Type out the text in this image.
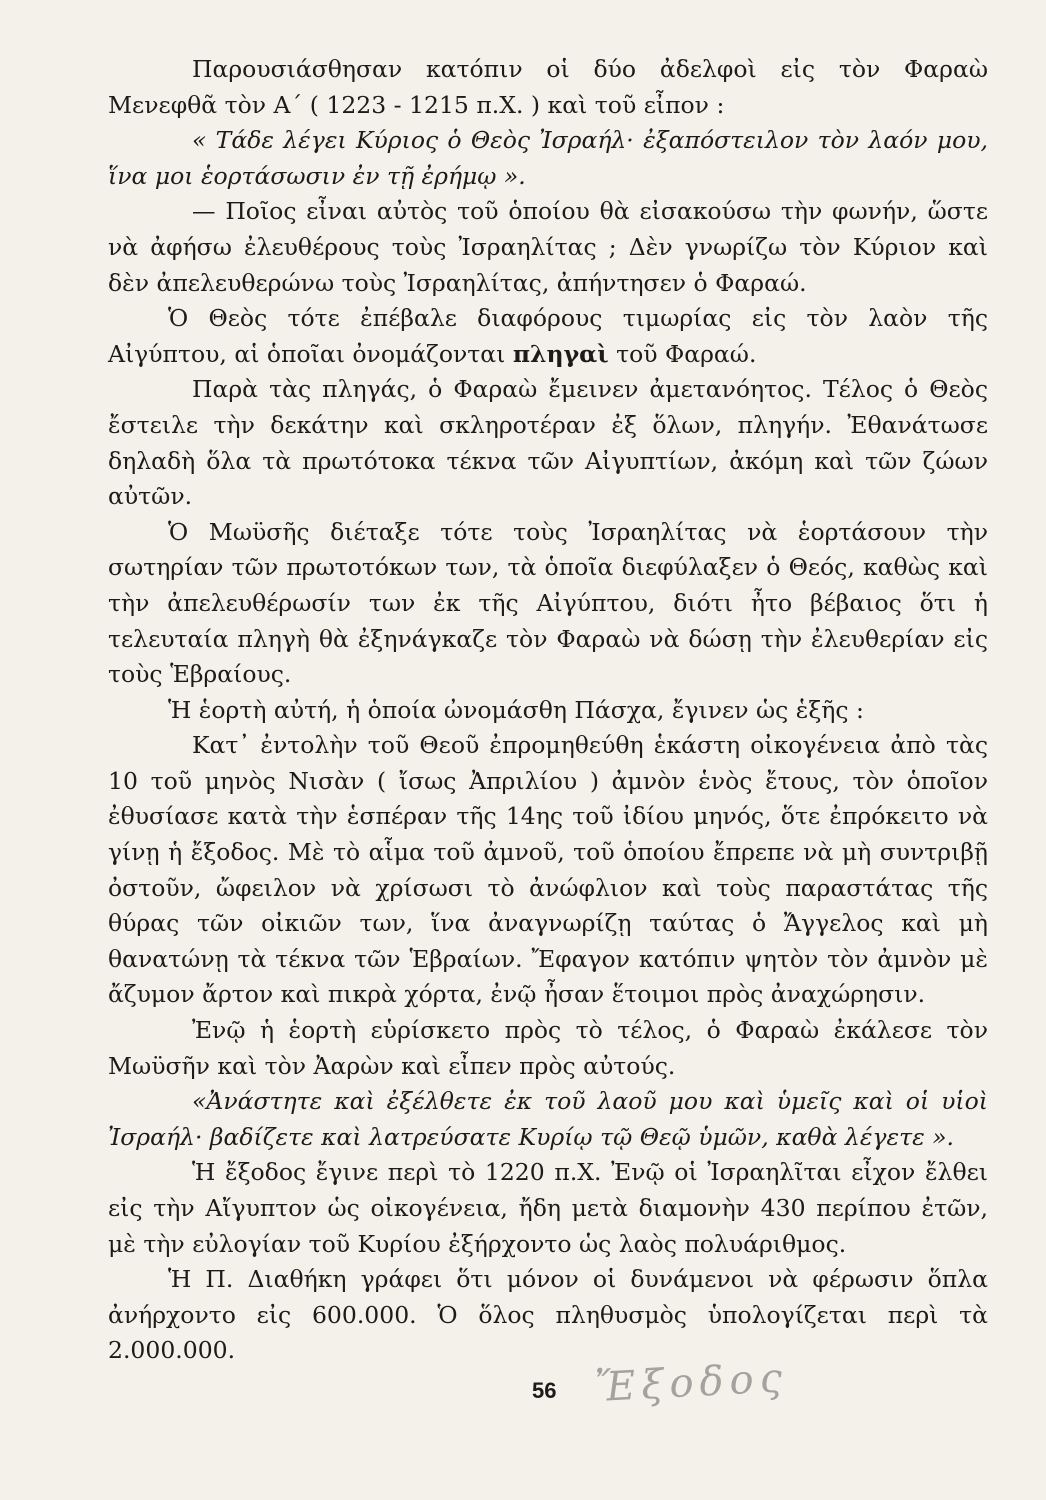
Παρουσιάσθησαν κατόπιν οἱ δύο ἀδελφοὶ εἰς τὸν Φαραὼ Μενεφθᾶ τὸν Α΄ ( 1223 - 1215 π.Χ. ) καὶ τοῦ εἶπον :

« Τάδε λέγει Κύριος ὁ Θεὸς Ἰσραήλ· ἐξαπόστειλον τὸν λαόν μου, ἵνα μοι ἑορτάσωσιν ἐν τῇ ἐρήμῳ ».

— Ποῖος εἶναι αὐτὸς τοῦ ὁποίου θὰ εἰσακούσω τὴν φωνήν, ὥστε νὰ ἀφήσω ἐλευθέρους τοὺς Ἰσραηλίτας ; Δὲν γνωρίζω τὸν Κύριον καὶ δὲν ἀπελευθερώνω τοὺς Ἰσραηλίτας, ἀπήντησεν ὁ Φαραώ.

Ὁ Θεὸς τότε ἐπέβαλε διαφόρους τιμωρίας εἰς τὸν λαὸν τῆς Αἰγύπτου, αἱ ὁποῖαι ὀνομάζονται πληγαὶ τοῦ Φαραώ.

Παρὰ τὰς πληγάς, ὁ Φαραὼ ἔμεινεν ἀμετανόητος. Τέλος ὁ Θεὸς ἔστειλε τὴν δεκάτην καὶ σκληροτέραν ἐξ ὅλων, πληγήν. Ἐθανάτωσε δηλαδὴ ὅλα τὰ πρωτότοκα τέκνα τῶν Αἰγυπτίων, ἀκόμη καὶ τῶν ζώων αὐτῶν.

Ὁ Μωϋσῆς διέταξε τότε τοὺς Ἰσραηλίτας νὰ ἑορτάσουν τὴν σωτηρίαν τῶν πρωτοτόκων των, τὰ ὁποῖα διεφύλαξεν ὁ Θεός, καθὼς καὶ τὴν ἀπελευθέρωσίν των ἐκ τῆς Αἰγύπτου, διότι ἦτο βέβαιος ὅτι ἡ τελευταία πληγὴ θὰ ἐξηνάγκαζε τὸν Φαραὼ νὰ δώσῃ τὴν ἐλευθερίαν εἰς τοὺς Ἑβραίους.

Ἡ ἑορτὴ αὐτή, ἡ ὁποία ὠνομάσθη Πάσχα, ἔγινεν ὡς ἑξῆς :

Κατ᾽ ἐντολὴν τοῦ Θεοῦ ἐπρομηθεύθη ἑκάστη οἰκογένεια ἀπὸ τὰς 10 τοῦ μηνὸς Νισὰν ( ἴσως Ἀπριλίου ) ἀμνὸν ἑνὸς ἔτους, τὸν ὁποῖον ἐθυσίασε κατὰ τὴν ἑσπέραν τῆς 14ης τοῦ ἰδίου μηνός, ὅτε ἐπρόκειτο νὰ γίνῃ ἡ ἔξοδος. Μὲ τὸ αἷμα τοῦ ἀμνοῦ, τοῦ ὁποίου ἔπρεπε νὰ μὴ συντριβῇ ὀστοῦν, ὤφειλον νὰ χρίσωσι τὸ ἀνώφλιον καὶ τοὺς παραστάτας τῆς θύρας τῶν οἰκιῶν των, ἵνα ἀναγνωρίζῃ ταύτας ὁ Ἄγγελος καὶ μὴ θανατώνῃ τὰ τέκνα τῶν Ἑβραίων. Ἔφαγον κατόπιν ψητὸν τὸν ἀμνὸν μὲ ἄζυμον ἄρτον καὶ πικρὰ χόρτα, ἐνῷ ἦσαν ἕτοιμοι πρὸς ἀναχώρησιν.

Ἐνῷ ἡ ἑορτὴ εὑρίσκετο πρὸς τὸ τέλος, ὁ Φαραὼ ἐκάλεσε τὸν Μωϋσῆν καὶ τὸν Ἀαρὼν καὶ εἶπεν πρὸς αὐτούς.

«Ἀνάστητε καὶ ἐξέλθετε ἐκ τοῦ λαοῦ μου καὶ ὑμεῖς καὶ οἱ υἱοὶ Ἰσραήλ· βαδίζετε καὶ λατρεύσατε Κυρίῳ τῷ Θεῷ ὑμῶν, καθὰ λέγετε ».

Ἡ ἔξοδος ἔγινε περὶ τὸ 1220 π.Χ. Ἐνῷ οἱ Ἰσραηλῖται εἶχον ἔλθει εἰς τὴν Αἴγυπτον ὡς οἰκογένεια, ἤδη μετὰ διαμονὴν 430 περίπου ἐτῶν, μὲ τὴν εὐλογίαν τοῦ Κυρίου ἐξήρχοντο ὡς λαὸς πολυάριθμος.

Ἡ Π. Διαθήκη γράφει ὅτι μόνον οἱ δυνάμενοι νὰ φέρωσιν ὅπλα ἀνήρχοντο εἰς 600.000. Ὁ ὅλος πληθυσμὸς ὑπολογίζεται περὶ τὰ 2.000.000.

56 Ἔξοδος
